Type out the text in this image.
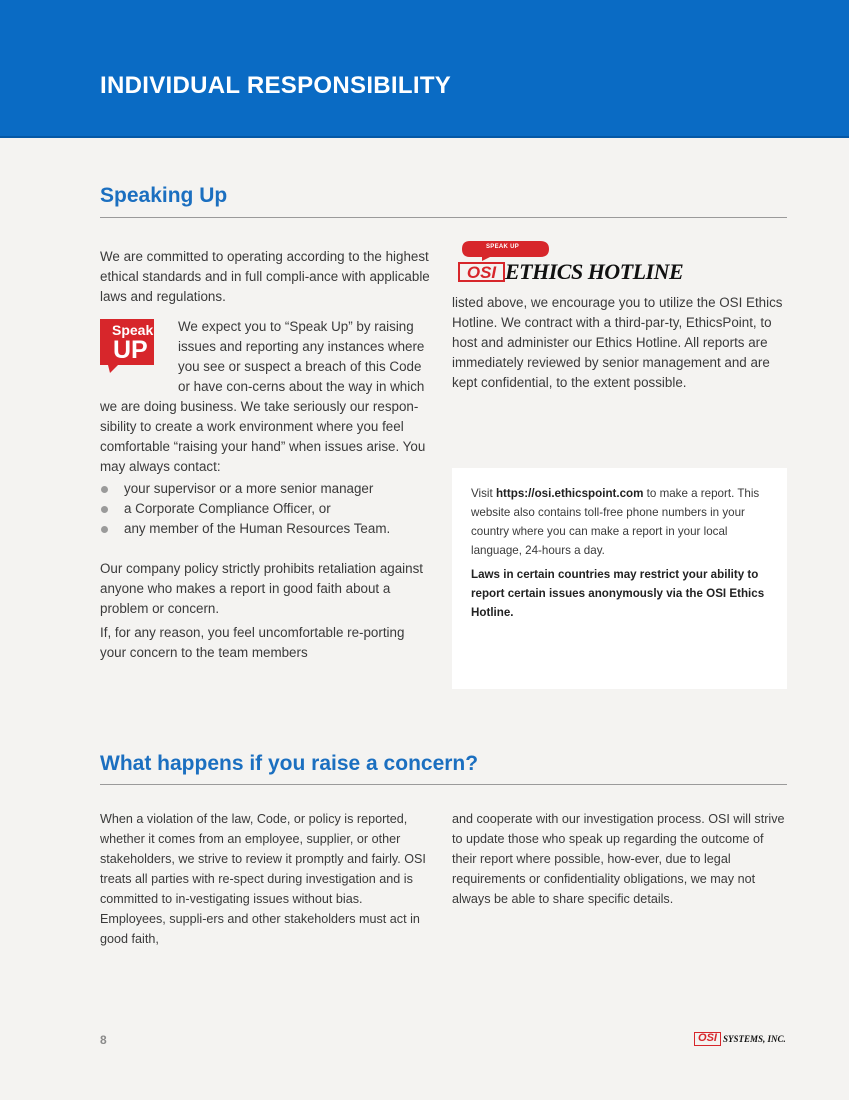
INDIVIDUAL RESPONSIBILITY
Speaking Up

We are committed to operating according to the highest ethical standards and in full compli-ance with applicable laws and regulations.

Speak
UP

We expect you to “Speak Up” by raising issues and reporting any instances where you see or suspect a breach of this Code or have con-cerns about the way in which we are doing business. We take seriously our respon-sibility to create a work environment where you feel comfortable “raising your hand” when issues arise. You may always contact:

your supervisor or a more senior manager
a Corporate Compliance Officer, or
any member of the Human Resources Team.

Our company policy strictly prohibits retaliation against anyone who makes a report in good faith about a problem or concern.

If, for any reason, you feel uncomfortable re-porting your concern to the team members

SPEAK UP
OSI ETHICS HOTLINE

listed above, we encourage you to utilize the OSI Ethics Hotline. We contract with a third-par-ty, EthicsPoint, to host and administer our Ethics Hotline. All reports are immediately reviewed by senior management and are kept confidential, to the extent possible.

Visit https://osi.ethicspoint.com to make a report. This website also contains toll-free phone numbers in your country where you can make a report in your local language, 24-hours a day.

Laws in certain countries may restrict your ability to report certain issues anonymously via the OSI Ethics Hotline.

What happens if you raise a concern?

When a violation of the law, Code, or policy is reported, whether it comes from an employee, supplier, or other stakeholders, we strive to review it promptly and fairly. OSI treats all parties with re-spect during investigation and is committed to in-vestigating issues without bias. Employees, suppli-ers and other stakeholders must act in good faith,

and cooperate with our investigation process. OSI will strive to update those who speak up regarding the outcome of their report where possible, how-ever, due to legal requirements or confidentiality obligations, we may not always be able to share specific details.

8	OSI SYSTEMS, INC.
